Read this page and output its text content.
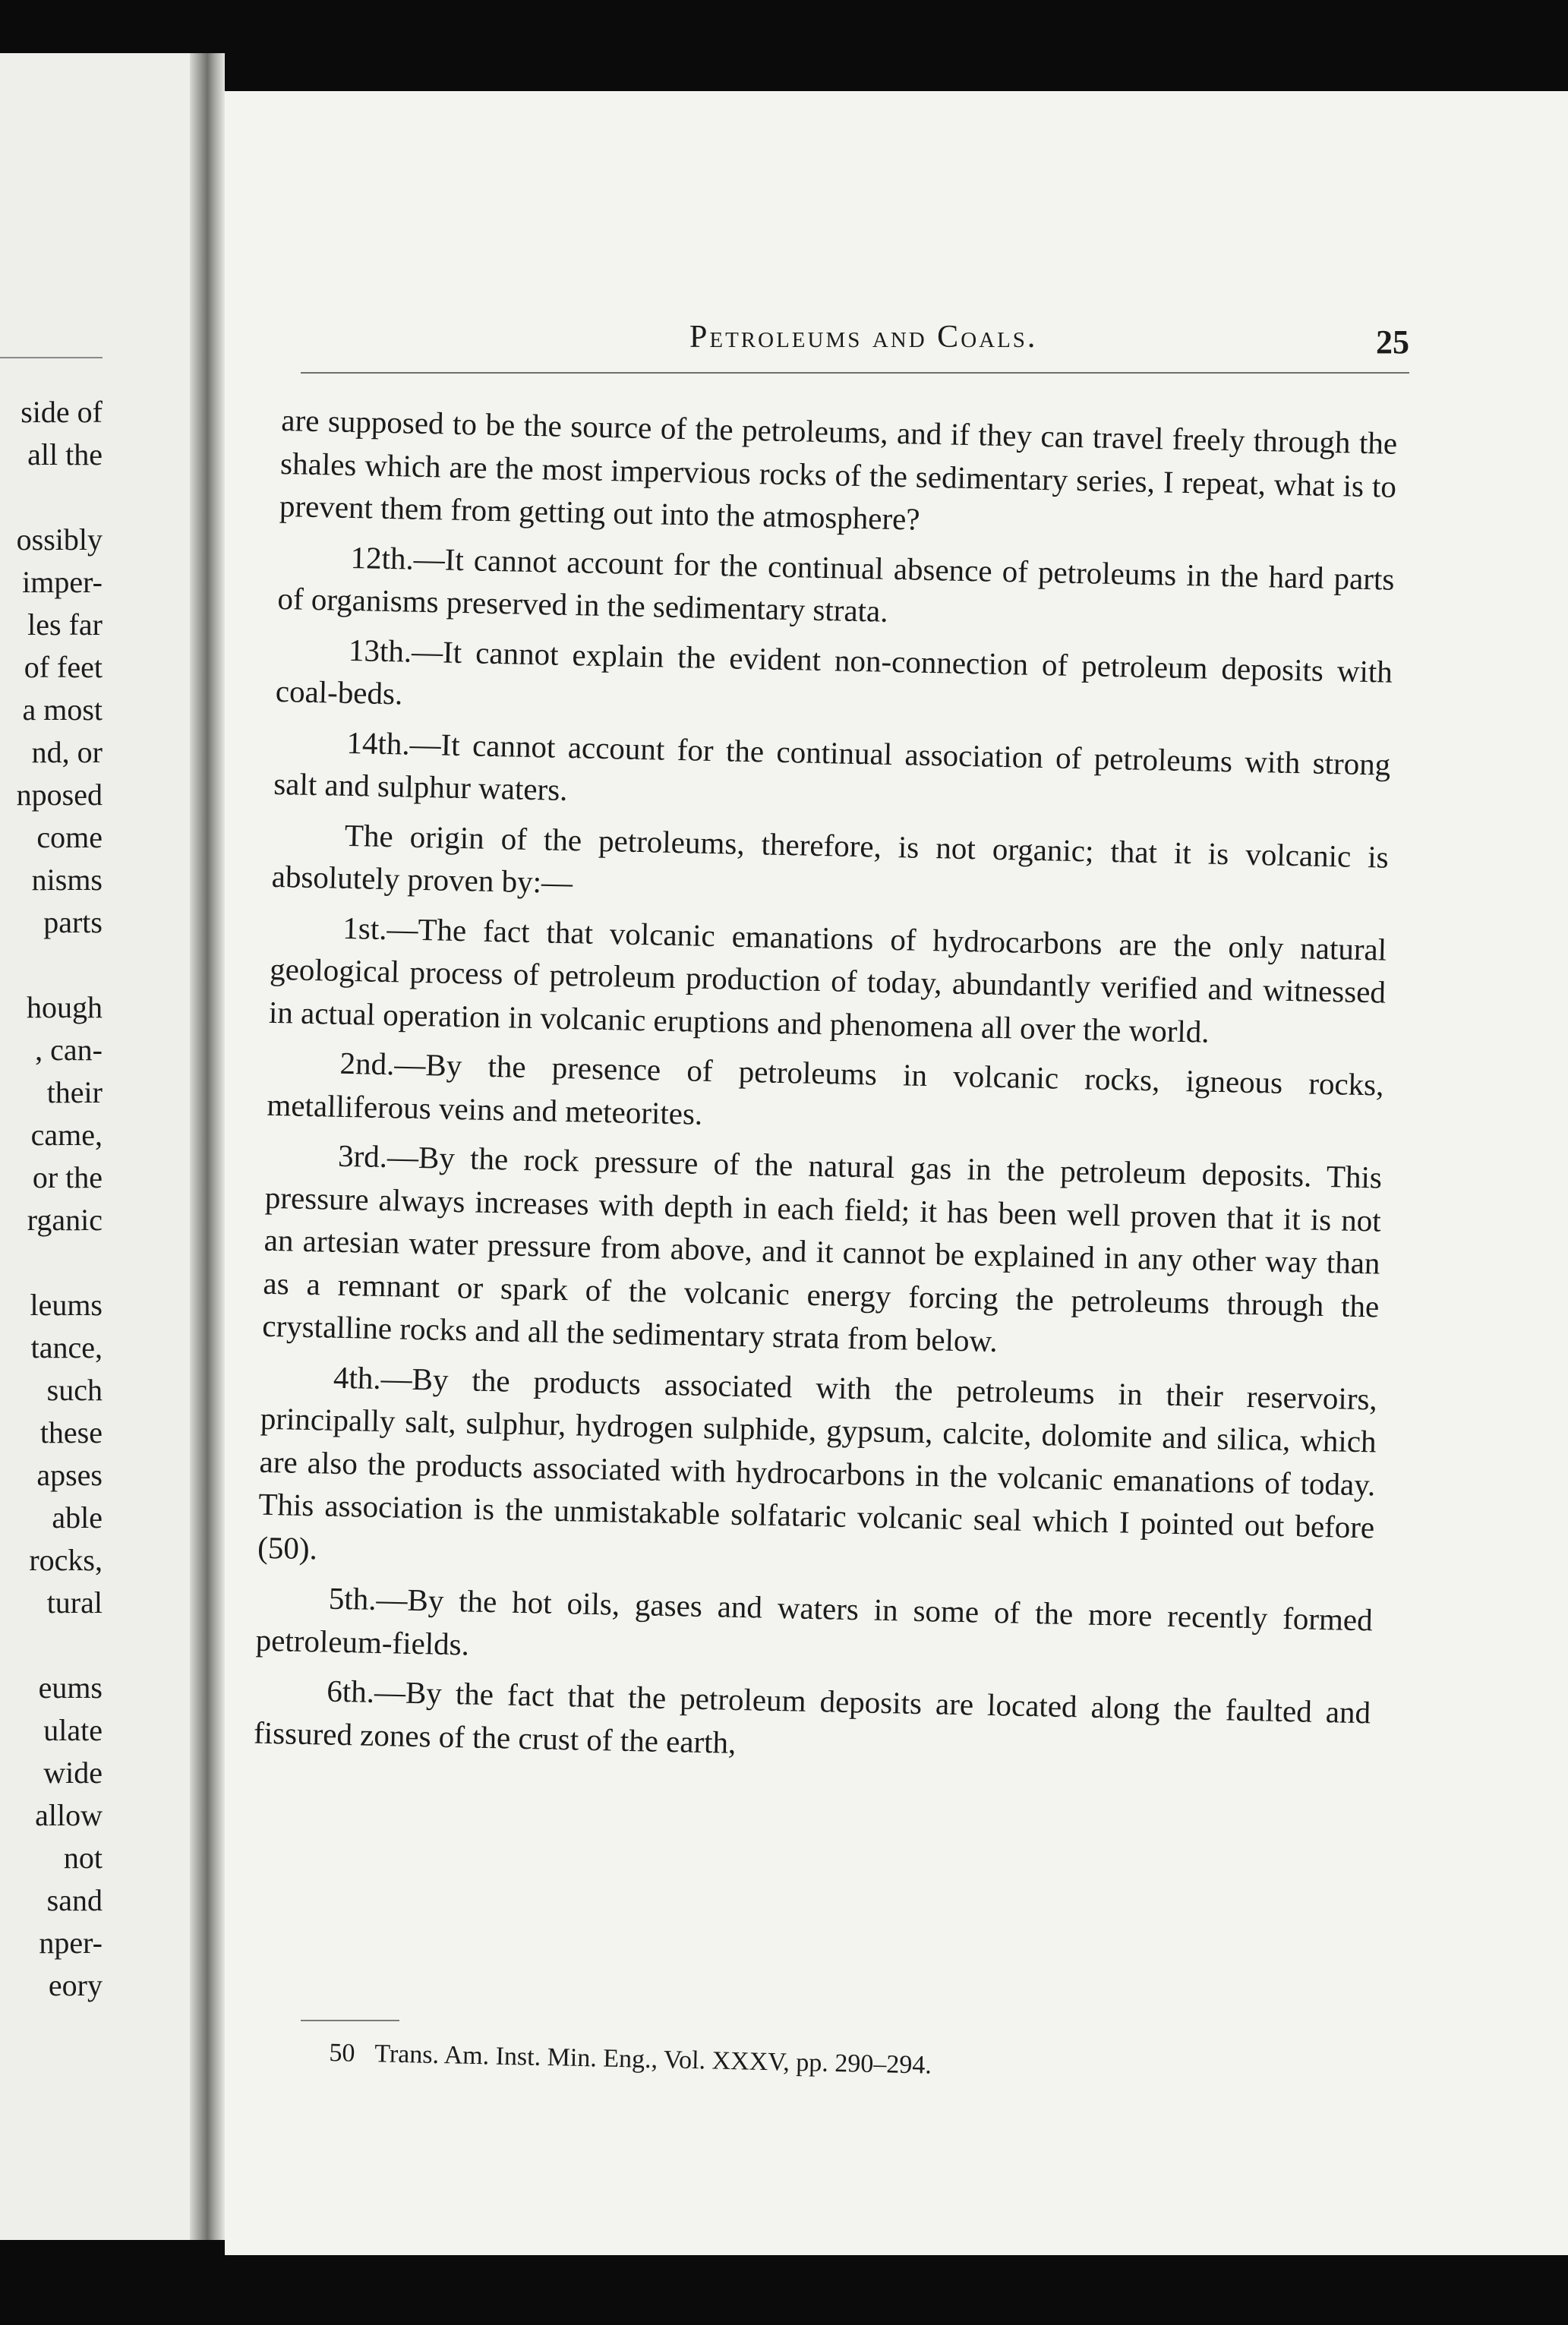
side of
all the
ossibly
imper-
les far
of feet
a most
nd, or
nposed
come
nisms
parts
hough
, can-
their
came,
or the
rganic
leums
tance,
such
these
apses
able
rocks,
tural
eums
ulate
wide
allow
not
sand
nper-
eory
Petroleums and Coals.	25

are supposed to be the source of the petroleums, and if they can travel freely through the shales which are the most impervious rocks of the sedimentary series, I repeat, what is to prevent them from getting out into the atmosphere?

12th.—It cannot account for the continual absence of petroleums in the hard parts of organisms preserved in the sedimentary strata.

13th.—It cannot explain the evident non-connection of petroleum deposits with coal-beds.

14th.—It cannot account for the continual association of petroleums with strong salt and sulphur waters.

The origin of the petroleums, therefore, is not organic; that it is volcanic is absolutely proven by:—

1st.—The fact that volcanic emanations of hydrocarbons are the only natural geological process of petroleum production of today, abundantly verified and witnessed in actual operation in volcanic eruptions and phenomena all over the world.

2nd.—By the presence of petroleums in volcanic rocks, igneous rocks, metalliferous veins and meteorites.

3rd.—By the rock pressure of the natural gas in the petroleum deposits. This pressure always increases with depth in each field; it has been well proven that it is not an artesian water pressure from above, and it cannot be explained in any other way than as a remnant or spark of the volcanic energy forcing the petroleums through the crystalline rocks and all the sedimentary strata from below.

4th.—By the products associated with the petroleums in their reservoirs, principally salt, sulphur, hydrogen sulphide, gypsum, calcite, dolomite and silica, which are also the products associated with hydrocarbons in the volcanic emanations of today. This association is the unmistakable solfataric volcanic seal which I pointed out before (50).

5th.—By the hot oils, gases and waters in some of the more recently formed petroleum-fields.

6th.—By the fact that the petroleum deposits are located along the faulted and fissured zones of the crust of the earth,

50 Trans. Am. Inst. Min. Eng., Vol. XXXV, pp. 290–294.
